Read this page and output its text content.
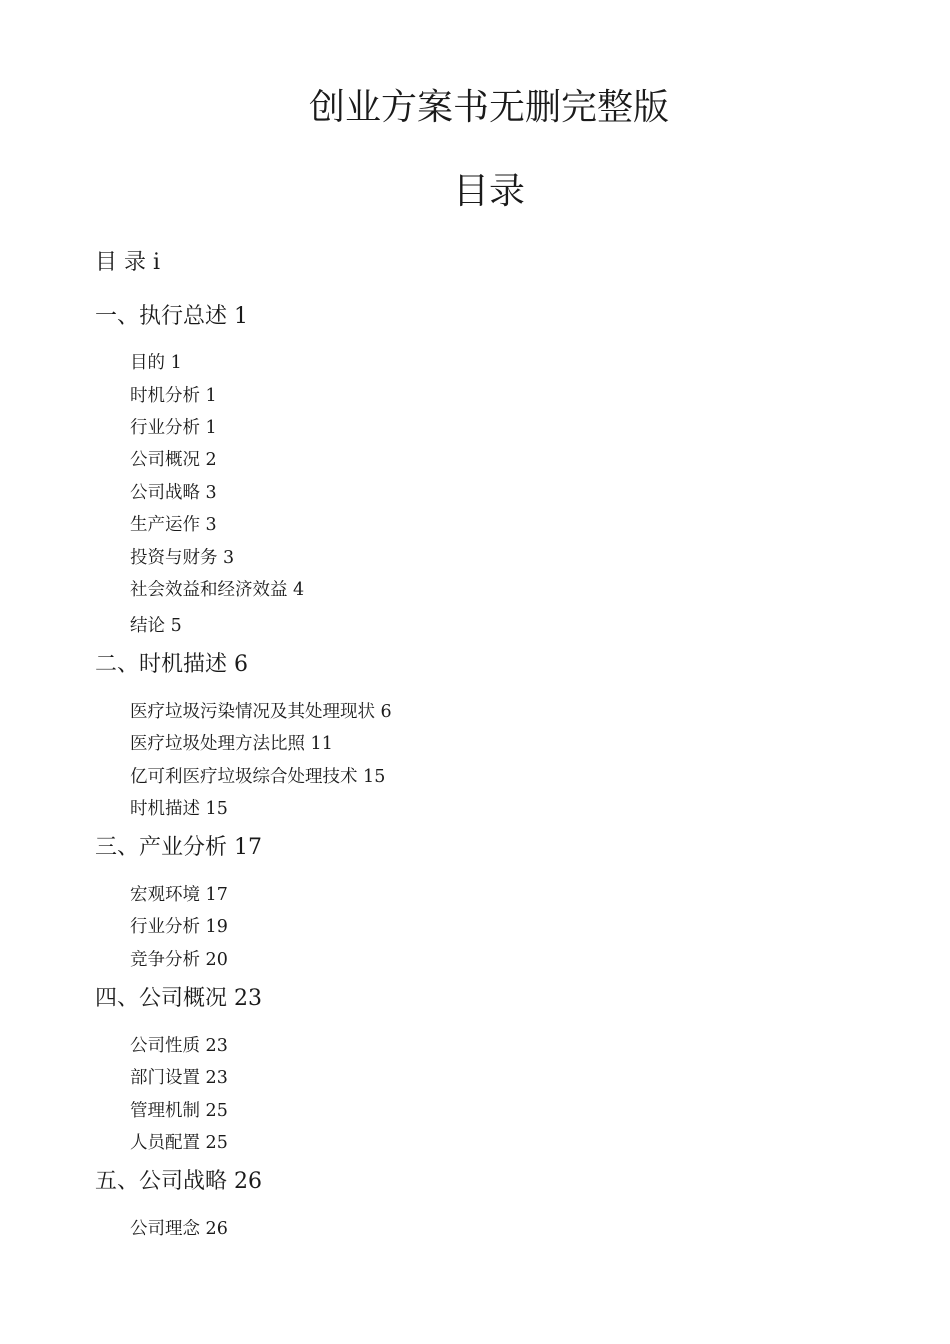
创业方案书无删完整版
目录
目 录 i
一、执行总述 1
目的 1
时机分析 1
行业分析 1
公司概况 2
公司战略 3
生产运作 3
投资与财务 3
社会效益和经济效益 4
结论 5
二、时机描述 6
医疗垃圾污染情况及其处理现状 6
医疗垃圾处理方法比照 11
亿可利医疗垃圾综合处理技术 15
时机描述 15
三、产业分析 17
宏观环境 17
行业分析 19
竞争分析 20
四、公司概况 23
公司性质 23
部门设置 23
管理机制 25
人员配置 25
五、公司战略 26
公司理念 26
